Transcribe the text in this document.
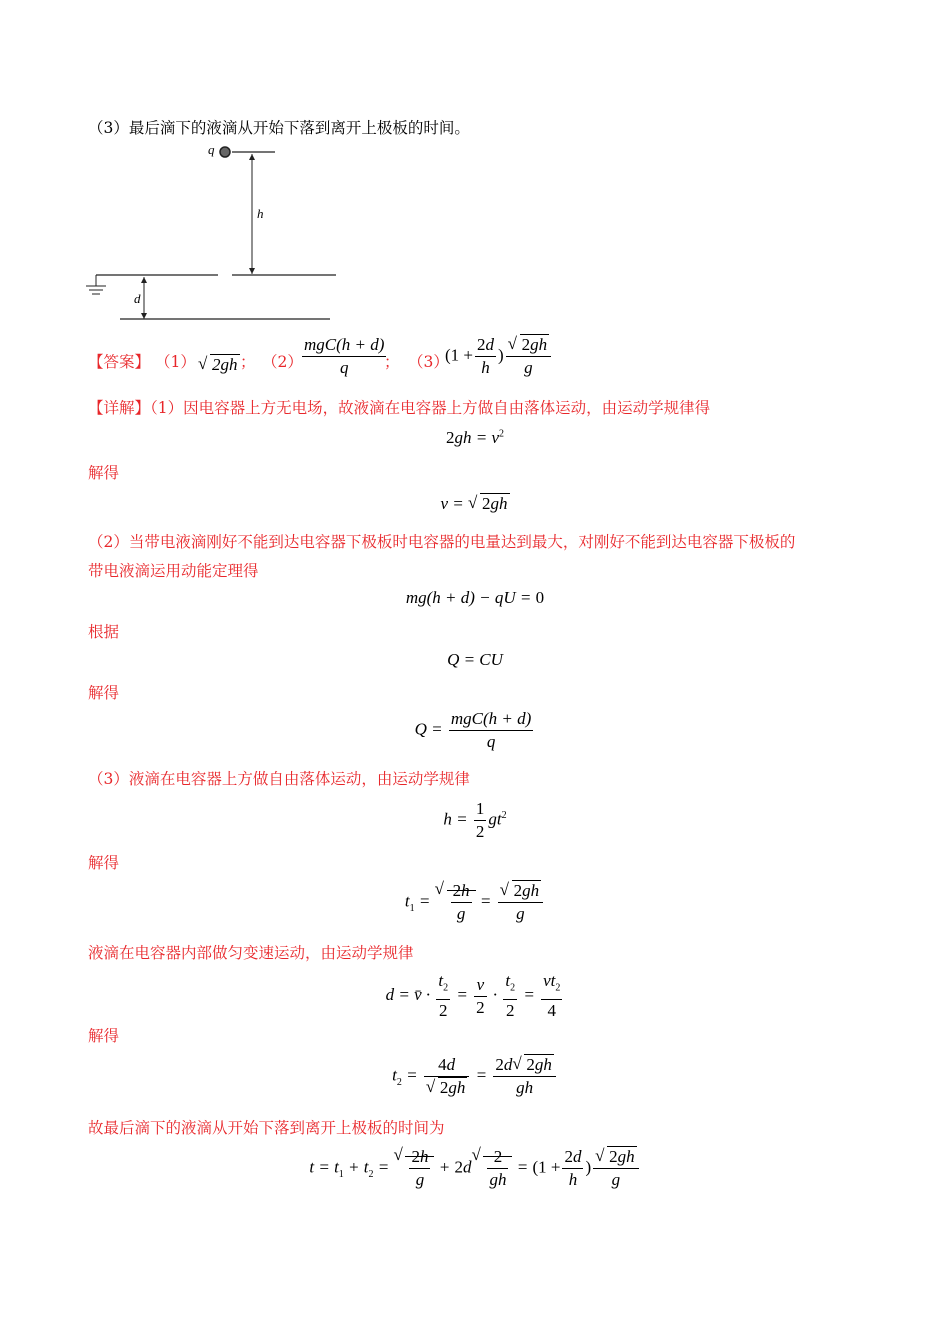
（3）最后滴下的液滴从开始下落到离开上极板的时间。
q
h
d
【答案】 （1） √ 2gh ； $(2) \frac{\text{mgC(h + d)}}{q}$
； （3）
($1 + \frac{2d}{h}$ ) √ $\frac{2gh}{g}$
【详解】（1）因电容器上方无电场，故液滴在电容器上方做自由落体运动，由运动学规律得
$2gh = v^2$
解得
v = √ 2gh
（2）当带电液滴刚好不能到达电容器下极板时电容器的电量达到最大，对刚好不能到达电容器下极板的
带电液滴运用动能定理得
mg(h + d) − qU = 0
根据
Q = CU
解得
$Q = \frac{\text{mgC(h + d)}}{q}$
（3）液滴在电容器上方做自由落体运动，由运动学规律
$h = \frac{1}{2} gt^2$
解得
$t_1$ = √ $\frac{2h}{g}$ = √ $\frac{2gh}{g}$
液滴在电容器内部做匀变速运动，由运动学规律
d = v̄ · $\frac{t_2}{2} = \frac{v}{2} \cdot \frac{t_2}{2} = \frac{vt_2}{4}$
解得
$t_2 = 4d$
√ $2gh = \frac{2d √ 2gh}{gh}$
故最后滴下的液滴从开始下落到离开上极板的时间为
$t = t_1 + t_2$ = √ $\frac{2h}{g} + 2d$ √ $\frac{2}{gh} = (1 + \frac{2d}{h}$ ) √ $\frac{2gh}{g}$
